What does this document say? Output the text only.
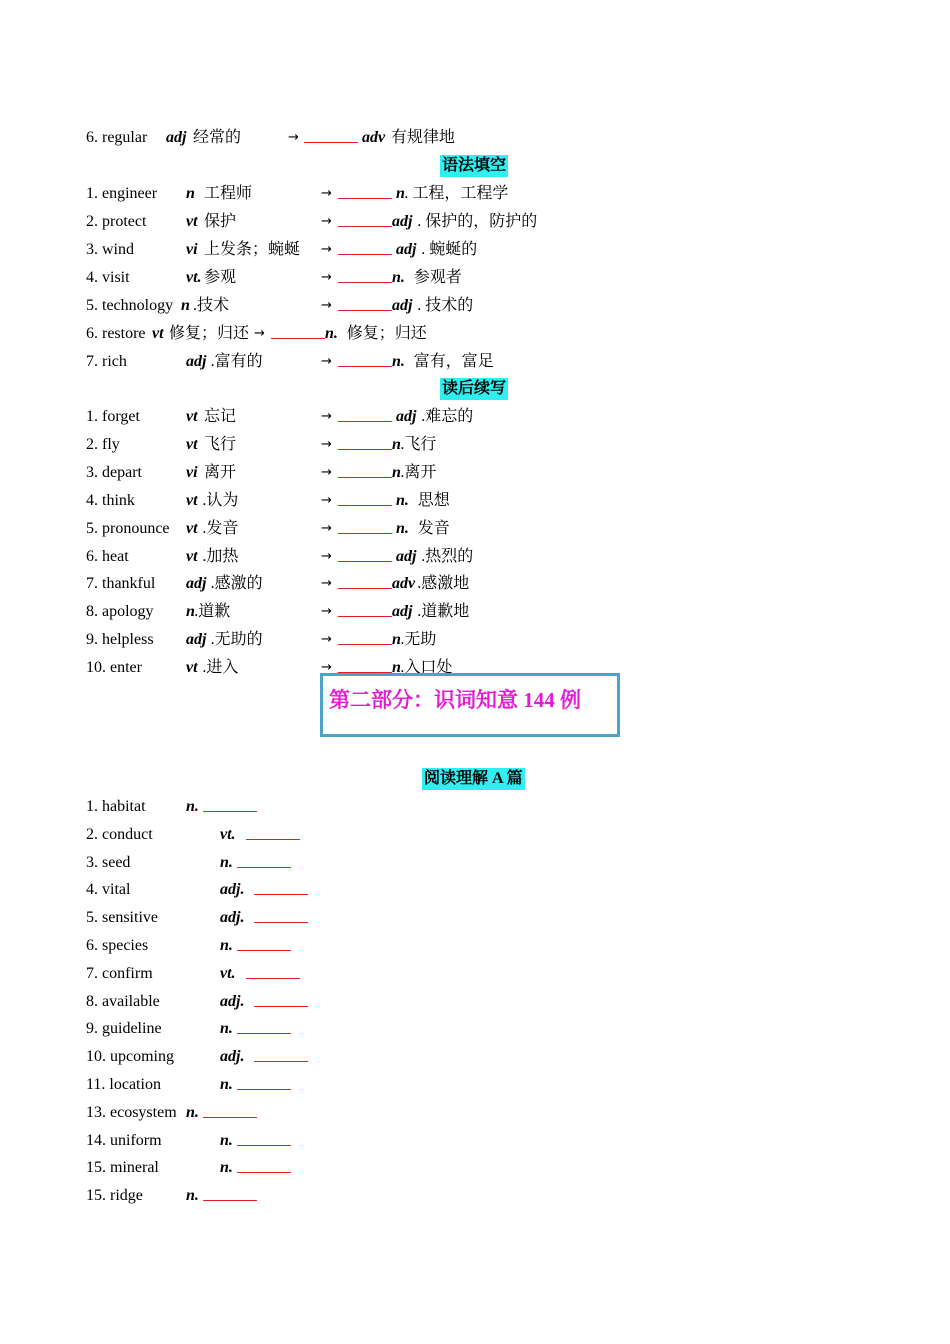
6. regular adj 经常的	→	adv 有规律地
语法填空
1. engineer n 工程师	→	n . 工程，工程学
2. protect vt 保护	→	adj . 保护的，防护的
3. wind	vi 上发条；蜿蜒 →	adj . 蜿蜒的
4. visit	vt. 参观	→	n. 参观者
5. technology n .技术	→	adj . 技术的
6. restore vt 修复；归还 →	n. 修复；归还
7. rich	adj .富有的	→	n. 富有，富足
读后续写
1. forget	vt 忘记	→	adj .难忘的
2. fly	vt 飞行	→	n .飞行
3. depart	vi 离开	→	n .离开
4. think	vt .认为	→	n. 思想
5. pronounce vt .发音	→	n. 发音
6. heat	vt .加热	→	adj .热烈的
7. thankful adj .感激的	→	adv .感激地
8. apology n .道歉	→	adj .道歉地
9. helpless adj .无助的	→	n .无助
10. enter	vt .进入	→	n .入口处
第二部分：识词知意 144 例
阅读理解 A 篇
1. habitat	n.
2. conduct	vt.
3. seed	n.
4. vital	adj.
5. sensitive	adj.
6. species	n.
7. confirm	vt.
8. available	adj.
9. guideline	n.
10. upcoming	adj.
11. location	n.
13. ecosystem n.
14. uniform	n.
15. mineral	n.
15. ridge	n.
